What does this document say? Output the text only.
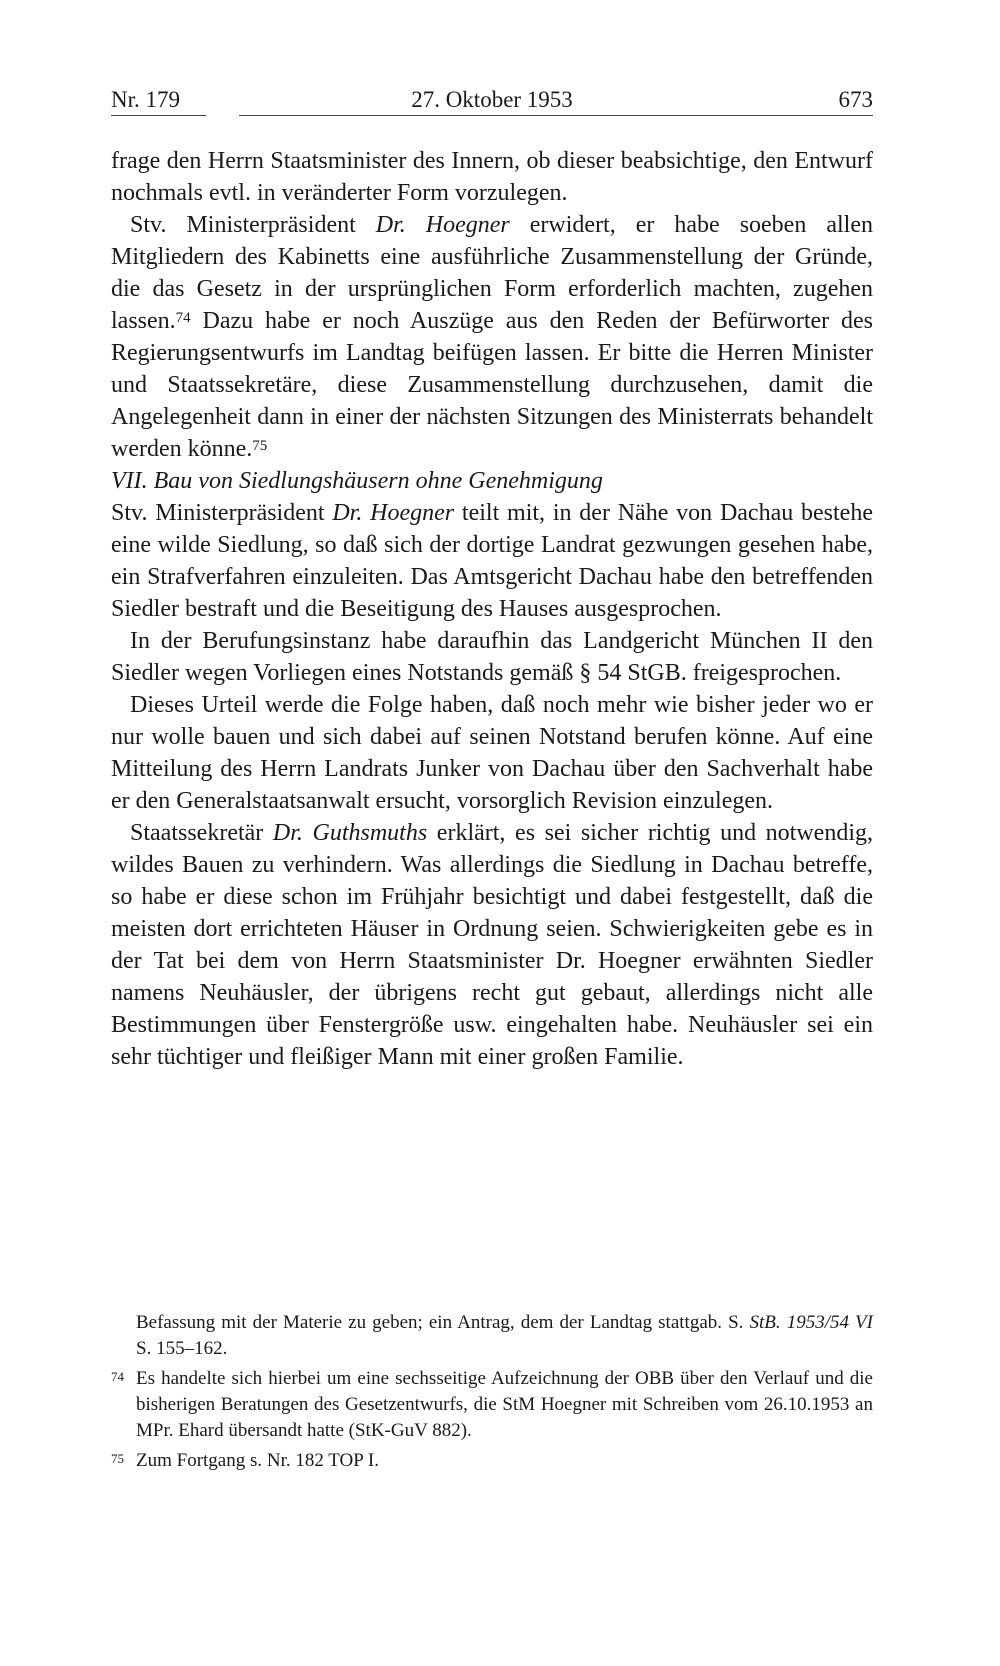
Nr. 179	27. Oktober 1953	673

frage den Herrn Staatsminister des Innern, ob dieser beabsichtige, den Entwurf nochmals evtl. in veränderter Form vorzulegen.

Stv. Ministerpräsident Dr. Hoegner erwidert, er habe soeben allen Mitgliedern des Kabinetts eine ausführliche Zusammenstellung der Gründe, die das Gesetz in der ursprünglichen Form erforderlich machten, zugehen lassen.$^{74}$ Dazu habe er noch Auszüge aus den Reden der Befürworter des Regierungsentwurfs im Landtag beifügen lassen. Er bitte die Herren Minister und Staatssekretäre, diese Zusammenstellung durchzusehen, damit die Angelegenheit dann in einer der nächsten Sitzungen des Ministerrats behandelt werden könne.$^{75}$

VII. Bau von Siedlungshäusern ohne Genehmigung

Stv. Ministerpräsident Dr. Hoegner teilt mit, in der Nähe von Dachau bestehe eine wilde Siedlung, so daß sich der dortige Landrat gezwungen gesehen habe, ein Strafverfahren einzuleiten. Das Amtsgericht Dachau habe den betreffenden Siedler bestraft und die Beseitigung des Hauses ausgesprochen.

In der Berufungsinstanz habe daraufhin das Landgericht München II den Siedler wegen Vorliegen eines Notstands gemäß § 54 StGB. freigesprochen.

Dieses Urteil werde die Folge haben, daß noch mehr wie bisher jeder wo er nur wolle bauen und sich dabei auf seinen Notstand berufen könne. Auf eine Mitteilung des Herrn Landrats Junker von Dachau über den Sachverhalt habe er den Generalstaatsanwalt ersucht, vorsorglich Revision einzulegen.

Staatssekretär Dr. Guthsmuths erklärt, es sei sicher richtig und notwendig, wildes Bauen zu verhindern. Was allerdings die Siedlung in Dachau betreffe, so habe er diese schon im Frühjahr besichtigt und dabei festgestellt, daß die meisten dort errichteten Häuser in Ordnung seien. Schwierigkeiten gebe es in der Tat bei dem von Herrn Staatsminister Dr. Hoegner erwähnten Siedler namens Neuhäusler, der übrigens recht gut gebaut, allerdings nicht alle Bestimmungen über Fenstergröße usw. eingehalten habe. Neuhäusler sei ein sehr tüchtiger und fleißiger Mann mit einer großen Familie.

Befassung mit der Materie zu geben; ein Antrag, dem der Landtag stattgab. S. StB. 1953/54 VI S. 155–162.

74 Es handelte sich hierbei um eine sechsseitige Aufzeichnung der OBB über den Verlauf und die bisherigen Beratungen des Gesetzentwurfs, die StM Hoegner mit Schreiben vom 26.10.1953 an MPr. Ehard übersandt hatte (StK-GuV 882).

75 Zum Fortgang s. Nr. 182 TOP I.
